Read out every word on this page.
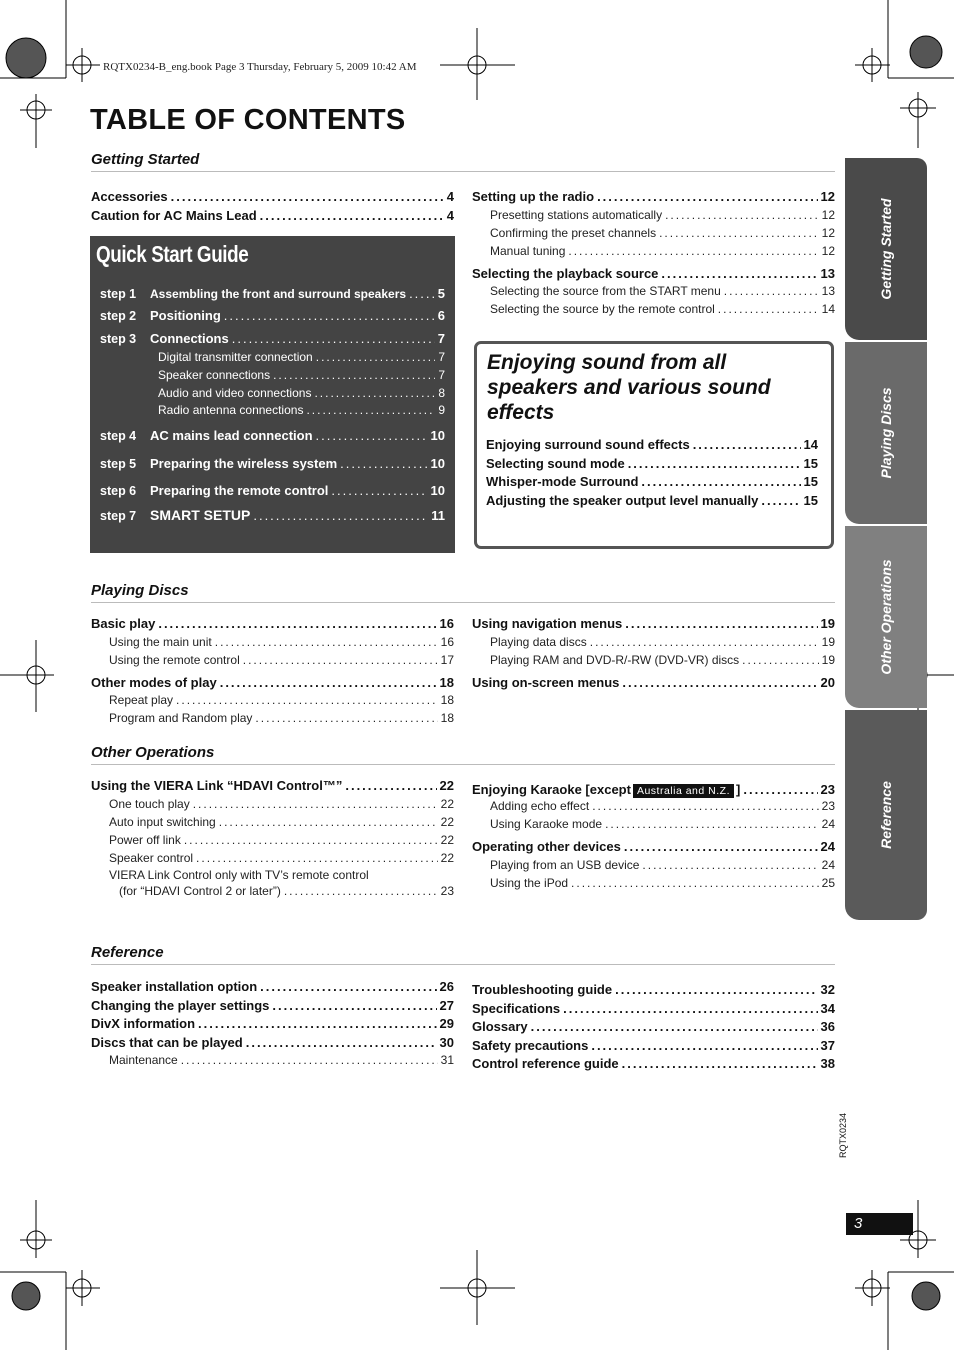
RQTX0234-B_eng.book Page 3 Thursday, February 5, 2009 10:42 AM
TABLE OF CONTENTS
Getting Started
Playing Discs
Other Operations
Reference
Accessories .....	4
Caution for AC Mains Lead .....	4
Setting up the radio .....	12
Presetting stations automatically .....	12
Confirming the preset channels .....	12
Manual tuning .....	12
Selecting the playback source .....	13
Selecting the source from the START menu .....	13
Selecting the source by the remote control .....	14
Basic play .....	16
Using the main unit .....	16
Using the remote control .....	17
Other modes of play .....	18
Repeat play .....	18
Program and Random play .....	18
Using navigation menus .....	19
Playing data discs .....	19
Playing RAM and DVD-R/-RW (DVD-VR) discs .....	19
Using on-screen menus .....	20
Using the VIERA Link “HDAVI Control™” .....	22
One touch play .....	22
Auto input switching .....	22
Power off link .....	22
Speaker control .....	22
VIERA Link Control only with TV’s remote control
(for “HDAVI Control 2 or later”) .....	23
Enjoying Karaoke [except Australia and N.Z. ] .....	23
Adding echo effect .....	23
Using Karaoke mode .....	24
Operating other devices .....	24
Playing from an USB device .....	24
Using the iPod .....	25
Speaker installation option .....	26
Changing the player settings .....	27
DivX information .....	29
Discs that can be played .....	30
Maintenance .....	31
Troubleshooting guide .....	32
Specifications .....	34
Glossary .....	36
Safety precautions .....	37
Control reference guide .....	38
Quick Start Guide
step 1	Assembling the front and surround speakers ..... 5
step 2	Positioning .....	6
step 3	Connections .....	7
Digital transmitter connection .....	7
Speaker connections .....	7
Audio and video connections .....	8
Radio antenna connections .....	9
step 4	AC mains lead connection .....	10
step 5	Preparing the wireless system .....	10
step 6	Preparing the remote control .....	10
step 7 SMART SETUP .....	11
Enjoying sound from all speakers and various sound effects
Enjoying surround sound effects .....	14
Selecting sound mode .....	15
Whisper-mode Surround .....	15
Adjusting the speaker output level manually .....	15
Getting Started
Playing Discs
Other Operations
Reference
RQTX0234
3
